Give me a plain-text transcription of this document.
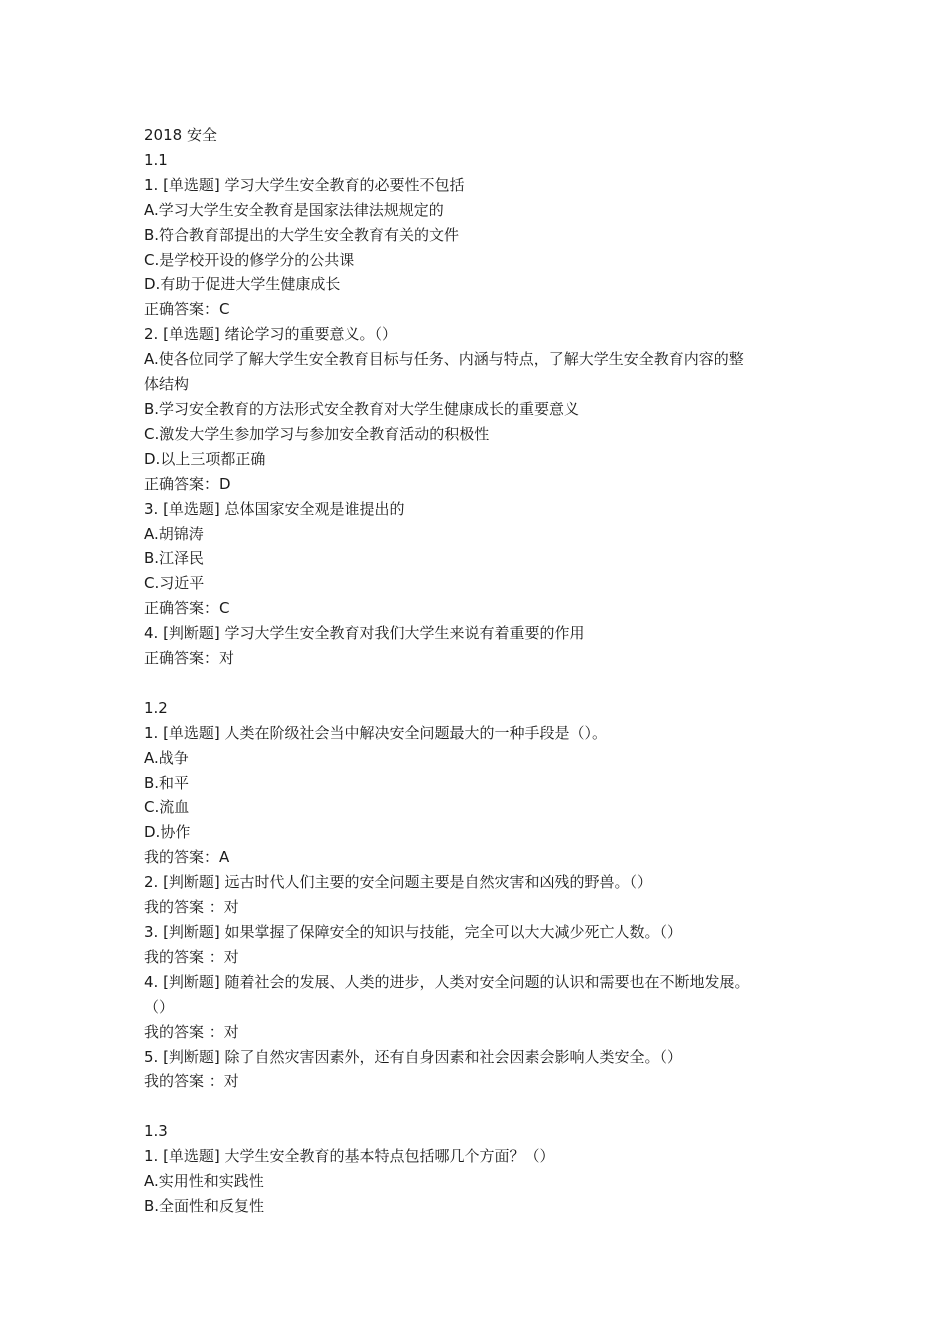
2018 安全
1.1
1. [单选题] 学习大学生安全教育的必要性不包括
A.学习大学生安全教育是国家法律法规规定的
B.符合教育部提出的大学生安全教育有关的文件
C.是学校开设的修学分的公共课
D.有助于促进大学生健康成长
正确答案：C
2. [单选题] 绪论学习的重要意义。（）
A.使各位同学了解大学生安全教育目标与任务、内涵与特点，了解大学生安全教育内容的整
体结构
B.学习安全教育的方法形式安全教育对大学生健康成长的重要意义
C.激发大学生参加学习与参加安全教育活动的积极性
D.以上三项都正确
正确答案：D
3. [单选题] 总体国家安全观是谁提出的
A.胡锦涛
B.江泽民
C.习近平
正确答案：C
4. [判断题] 学习大学生安全教育对我们大学生来说有着重要的作用
正确答案：对
1.2
1. [单选题] 人类在阶级社会当中解决安全问题最大的一种手段是（）。
A.战争
B.和平
C.流血
D.协作
我的答案：A
2. [判断题] 远古时代人们主要的安全问题主要是自然灾害和凶残的野兽。（）
我的答案 ：对
3. [判断题] 如果掌握了保障安全的知识与技能，完全可以大大减少死亡人数。（）
我的答案 ：对
4. [判断题] 随着社会的发展、人类的进步，人类对安全问题的认识和需要也在不断地发展。
（）
我的答案 ：对
5. [判断题] 除了自然灾害因素外，还有自身因素和社会因素会影响人类安全。（）
我的答案 ：对
1.3
1. [单选题] 大学生安全教育的基本特点包括哪几个方面？（）
A.实用性和实践性
B.全面性和反复性
